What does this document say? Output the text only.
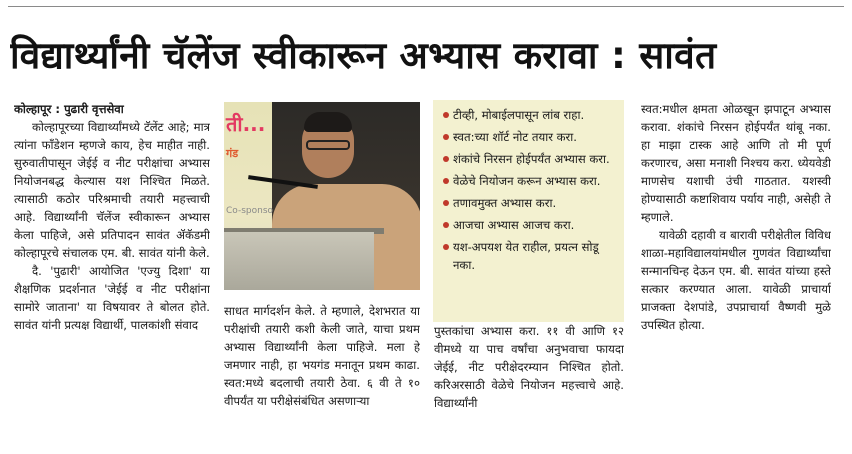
विद्यार्थ्यांनी चॅलेंज स्वीकारून अभ्यास करावा : सावंत

कोल्हापूर : पुढारी वृत्तसेवा

कोल्हापूरच्या विद्यार्थ्यांमध्ये टॅलेंट आहे; मात्र त्यांना फाँडेशन म्हणजे काय, हेच माहीत नाही. सुरुवातीपासून जेईई व नीट परीक्षांचा अभ्यास नियोजनबद्ध केल्यास यश निश्चित मिळते. त्यासाठी कठोर परिश्रमाची तयारी महत्त्वाची आहे. विद्यार्थ्यांनी चॅलेंज स्वीकारून अभ्यास केला पाहिजे, असे प्रतिपादन सावंत ॲकॅडमी कोल्हापूरचे संचालक एम. बी. सावंत यांनी केले.

दै. 'पुढारी' आयोजित 'एज्यु दिशा' या शैक्षणिक प्रदर्शनात 'जेईई व नीट परीक्षांना सामोरे जाताना' या विषयावर ते बोलत होते. सावंत यांनी प्रत्यक्ष विद्यार्थी, पालकांशी संवाद

ती...
गंड
Co-sponso

साधत मार्गदर्शन केले. ते म्हणाले, देशभरात या परीक्षांची तयारी कशी केली जाते, याचा प्रथम अभ्यास विद्यार्थ्यांनी केला पाहिजे. मला हे जमणार नाही, हा भयगंड मनातून प्रथम काढा. स्वत:मध्ये बदलाची तयारी ठेवा. ६ वी ते १० वीपर्यंत या परीक्षेसंबंधित असणाऱ्या

टीव्ही, मोबाईलपासून लांब राहा.
स्वत:च्या शॉर्ट नोट तयार करा.
शंकांचे निरसन होईपर्यंत अभ्यास करा.
वेळेचे नियोजन करून अभ्यास करा.
तणावमुक्त अभ्यास करा.
आजचा अभ्यास आजच करा.
यश-अपयश येत राहील, प्रयत्न सोडू नका.

पुस्तकांचा अभ्यास करा. ११ वी आणि १२ वीमध्ये या पाच वर्षांचा अनुभवाचा फायदा जेईई, नीट परीक्षेदरम्यान निश्चित होतो. करिअरसाठी वेळेचे नियोजन महत्त्वाचे आहे. विद्यार्थ्यांनी

स्वत:मधील क्षमता ओळखून झपाटून अभ्यास करावा. शंकांचे निरसन होईपर्यंत थांबू नका. हा माझा टास्क आहे आणि तो मी पूर्ण करणारच, असा मनाशी निश्चय करा. ध्येयवेडी माणसेच यशाची उंची गाठतात. यशस्वी होण्यासाठी कष्टाशिवाय पर्याय नाही, असेही ते म्हणाले.

यावेळी दहावी व बारावी परीक्षेतील विविध शाळा-महाविद्यालयांमधील गुणवंत विद्यार्थ्यांचा सन्मानचिन्ह देऊन एम. बी. सावंत यांच्या हस्ते सत्कार करण्यात आला. यावेळी प्राचार्या प्राजक्ता देशपांडे, उपप्राचार्या वैष्णवी मुळे उपस्थित होत्या.
